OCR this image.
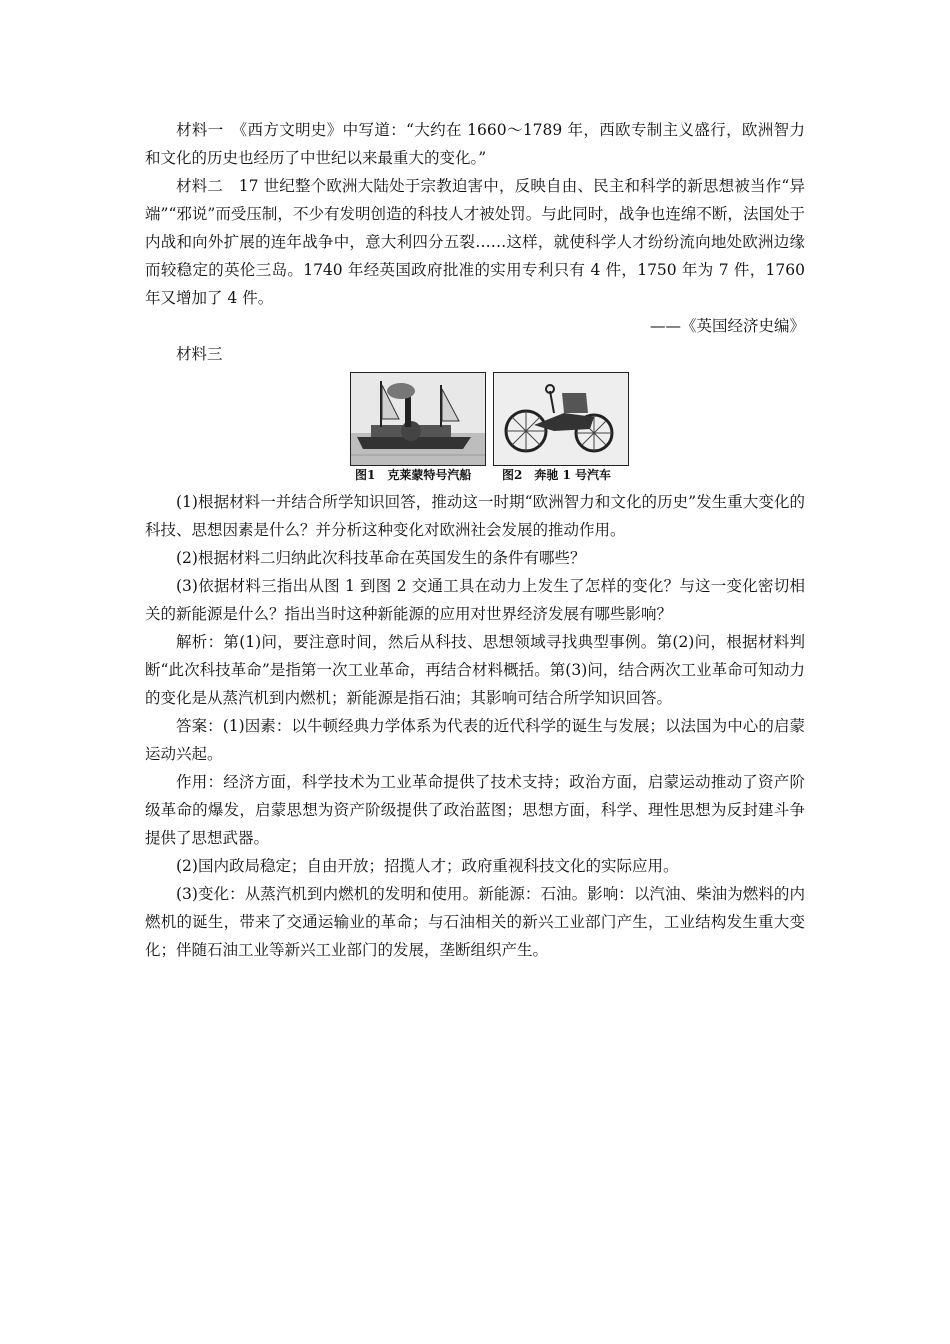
材料一　《西方文明史》中写道：“大约在 1660～1789 年，西欧专制主义盛行，欧洲智力和文化的历史也经历了中世纪以来最重大的变化。”

材料二　17 世纪整个欧洲大陆处于宗教迫害中，反映自由、民主和科学的新思想被当作“异端”“邪说”而受压制，不少有发明创造的科技人才被处罚。与此同时，战争也连绵不断，法国处于内战和向外扩展的连年战争中，意大利四分五裂……这样，就使科学人才纷纷流向地处欧洲边缘而较稳定的英伦三岛。1740 年经英国政府批准的实用专利只有 4 件，1750 年为 7 件，1760 年又增加了 4 件。

——《英国经济史编》

材料三

图1　克莱蒙特号汽船	图2　奔驰 1 号汽车

(1)根据材料一并结合所学知识回答，推动这一时期“欧洲智力和文化的历史”发生重大变化的科技、思想因素是什么？并分析这种变化对欧洲社会发展的推动作用。

(2)根据材料二归纳此次科技革命在英国发生的条件有哪些？

(3)依据材料三指出从图 1 到图 2 交通工具在动力上发生了怎样的变化？与这一变化密切相关的新能源是什么？指出当时这种新能源的应用对世界经济发展有哪些影响？

解析：第(1)问，要注意时间，然后从科技、思想领域寻找典型事例。第(2)问，根据材料判断“此次科技革命”是指第一次工业革命，再结合材料概括。第(3)问，结合两次工业革命可知动力的变化是从蒸汽机到内燃机；新能源是指石油；其影响可结合所学知识回答。

答案：(1)因素：以牛顿经典力学体系为代表的近代科学的诞生与发展；以法国为中心的启蒙运动兴起。

作用：经济方面，科学技术为工业革命提供了技术支持；政治方面，启蒙运动推动了资产阶级革命的爆发，启蒙思想为资产阶级提供了政治蓝图；思想方面，科学、理性思想为反封建斗争提供了思想武器。

(2)国内政局稳定；自由开放；招揽人才；政府重视科技文化的实际应用。

(3)变化：从蒸汽机到内燃机的发明和使用。新能源：石油。影响：以汽油、柴油为燃料的内燃机的诞生，带来了交通运输业的革命；与石油相关的新兴工业部门产生，工业结构发生重大变化；伴随石油工业等新兴工业部门的发展，垄断组织产生。
